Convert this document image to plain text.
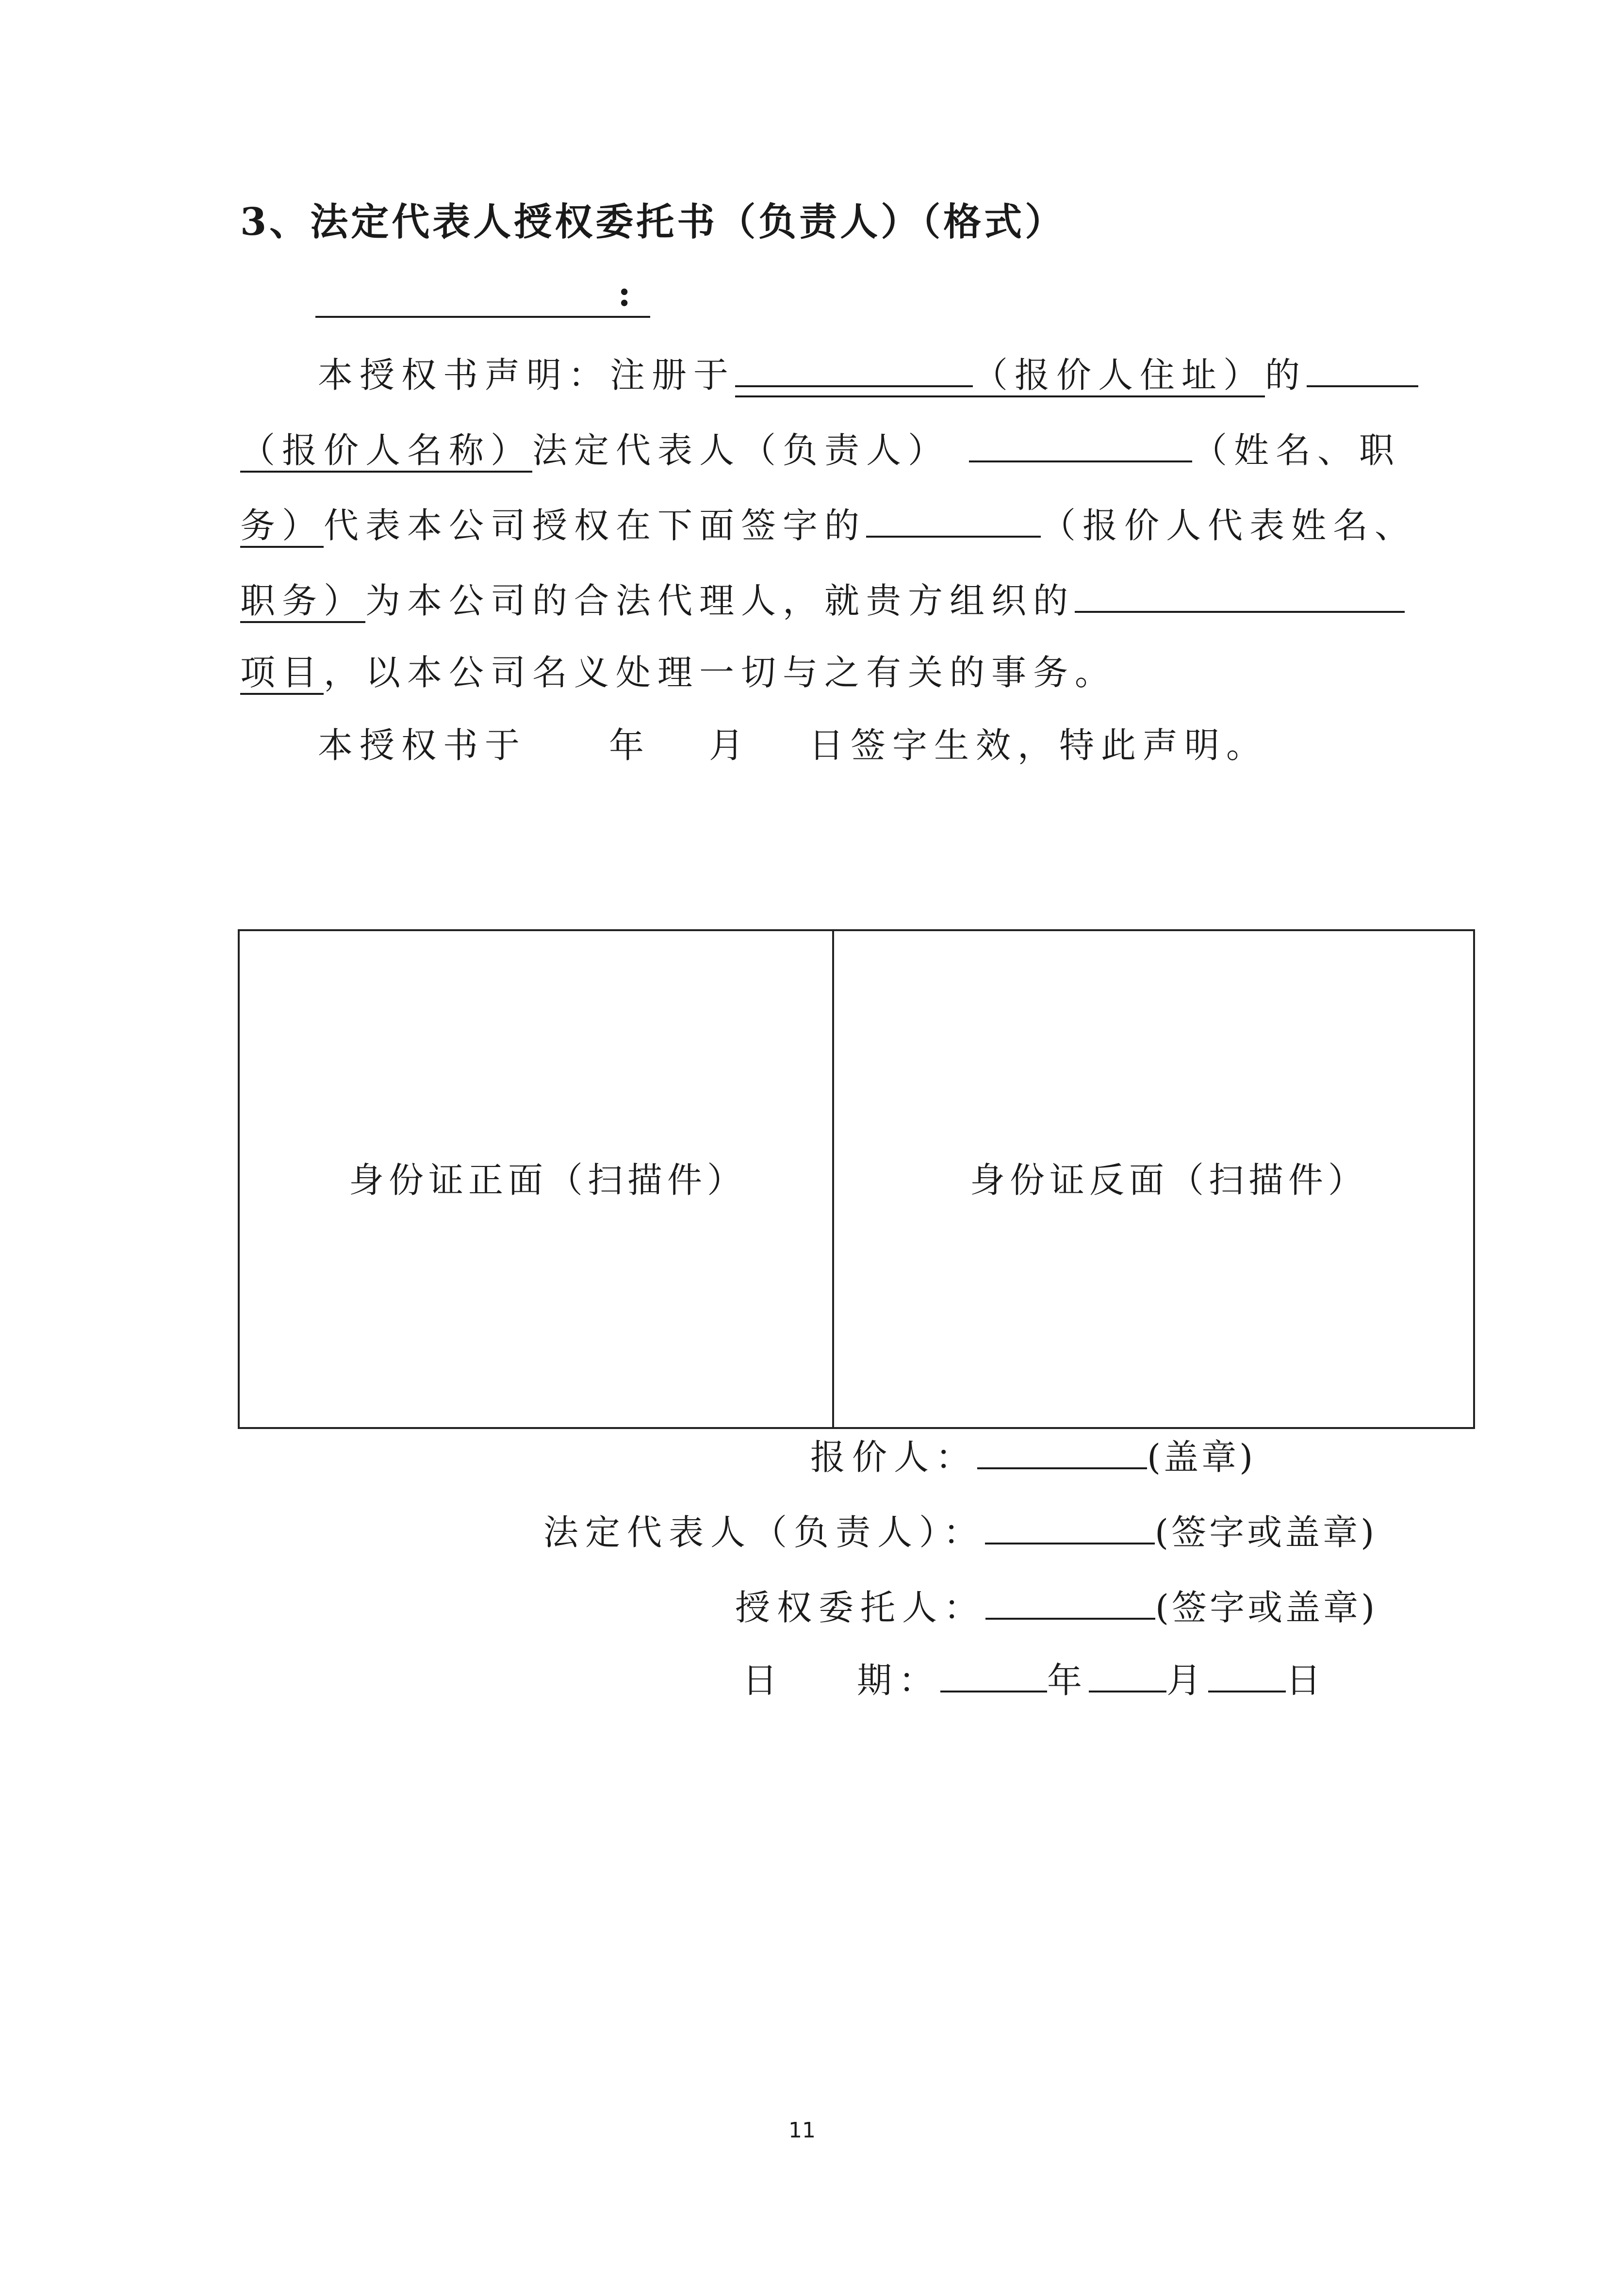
3、法定代表人授权委托书（负责人）（格式）
:
本授权书声明：注册于	（报价人住址）的
（报价人名称）法定代表人（负责人）	（姓名、职
务）代表本公司授权在下面签字的	（报价人代表姓名、
职务）为本公司的合法代理人，就贵方组织的
项目，以本公司名义处理一切与之有关的事务。
本授权书于 年 月 日签字生效，特此声明。
身份证正面（扫描件）	身份证反面（扫描件）
报价人：	(盖章)
法定代表人（负责人）：	(签字或盖章)
授权委托人：	(签字或盖章)
日 期：	年 月 日
11
